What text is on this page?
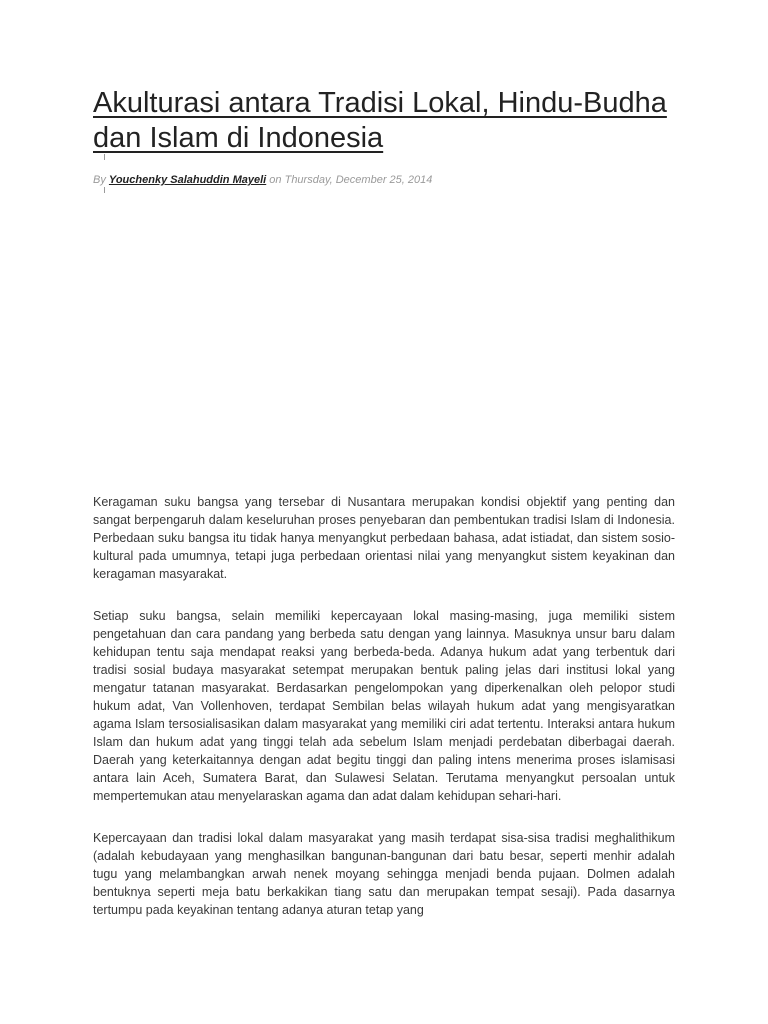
Akulturasi antara Tradisi Lokal, Hindu-Budha dan Islam di Indonesia
By Youchenky Salahuddin Mayeli on Thursday, December 25, 2014

Keragaman suku bangsa yang tersebar di Nusantara merupakan kondisi objektif yang penting dan sangat berpengaruh dalam keseluruhan proses penyebaran dan pembentukan tradisi Islam di Indonesia. Perbedaan suku bangsa itu tidak hanya menyangkut perbedaan bahasa, adat istiadat, dan sistem sosio-kultural pada umumnya, tetapi juga perbedaan orientasi nilai yang menyangkut sistem keyakinan dan keragaman masyarakat.

Setiap suku bangsa, selain memiliki kepercayaan lokal masing-masing, juga memiliki sistem pengetahuan dan cara pandang yang berbeda satu dengan yang lainnya. Masuknya unsur baru dalam kehidupan tentu saja mendapat reaksi yang berbeda-beda. Adanya hukum adat yang terbentuk dari tradisi sosial budaya masyarakat setempat merupakan bentuk paling jelas dari institusi lokal yang mengatur tatanan masyarakat. Berdasarkan pengelompokan yang diperkenalkan oleh pelopor studi hukum adat, Van Vollenhoven, terdapat Sembilan belas wilayah hukum adat yang mengisyaratkan agama Islam tersosialisasikan dalam masyarakat yang memiliki ciri adat tertentu. Interaksi antara hukum Islam dan hukum adat yang tinggi telah ada sebelum Islam menjadi perdebatan diberbagai daerah. Daerah yang keterkaitannya dengan adat begitu tinggi dan paling intens menerima proses islamisasi antara lain Aceh, Sumatera Barat, dan Sulawesi Selatan. Terutama menyangkut persoalan untuk mempertemukan atau menyelaraskan agama dan adat dalam kehidupan sehari-hari.

Kepercayaan dan tradisi lokal dalam masyarakat yang masih terdapat sisa-sisa tradisi meghalithikum (adalah kebudayaan yang menghasilkan bangunan-bangunan dari batu besar, seperti menhir adalah tugu yang melambangkan arwah nenek moyang sehingga menjadi benda pujaan. Dolmen adalah bentuknya seperti meja batu berkakikan tiang satu dan merupakan tempat sesaji). Pada dasarnya tertumpu pada keyakinan tentang adanya aturan tetap yang
